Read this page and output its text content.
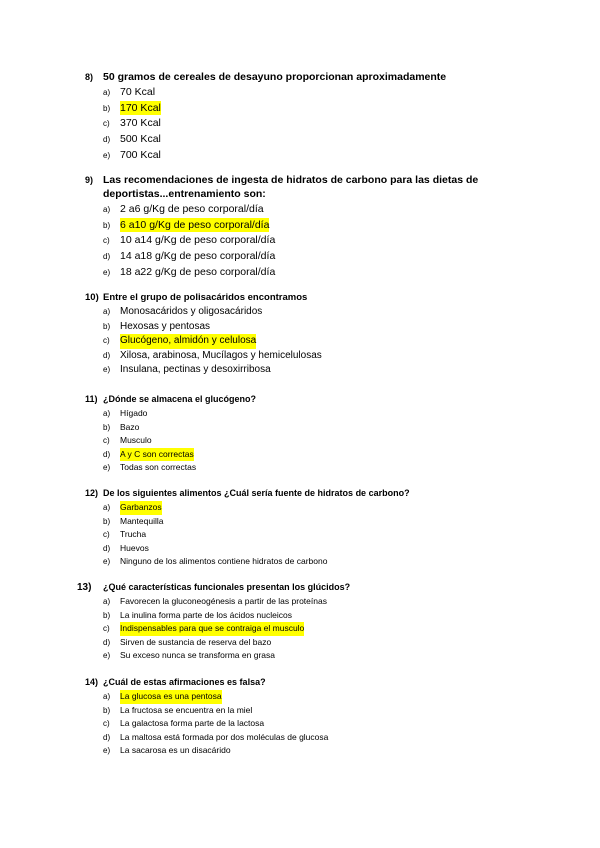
8) 50 gramos de cereales de desayuno proporcionan aproximadamente
a) 70 Kcal
b) 170 Kcal
c) 370 Kcal
d) 500 Kcal
e) 700 Kcal
9) Las recomendaciones de ingesta de hidratos de carbono para las dietas de deportistas...entrenamiento son:
a) 2 a6 g/Kg de peso corporal/día
b) 6 a10 g/Kg de peso corporal/día
c) 10 a14 g/Kg de peso corporal/día
d) 14 a18 g/Kg de peso corporal/día
e) 18 a22 g/Kg de peso corporal/día
10) Entre el grupo de polisacáridos encontramos
a) Monosacáridos y oligosacáridos
b) Hexosas y pentosas
c)	Glucógeno, almidón y celulosa
d) Xilosa, arabinosa, Mucílagos y hemicelulosas
e) Insulana, pectinas y desoxirribosa
11) ¿Dónde se almacena el glucógeno?
a)	Hígado
b)	Bazo
c)	Musculo
d)	A y C son correctas
e)	Todas son correctas
12) De los siguientes alimentos ¿Cuál sería fuente de hidratos de carbono?
a)	Garbanzos
b)	Mantequilla
c)	Trucha
d)	Huevos
e)	Ninguno de los alimentos contiene hidratos de carbono
13)	¿Qué características funcionales presentan los glúcidos?
a)	Favorecen la gluconeogénesis a partir de las proteínas
b)	La inulina forma parte de los ácidos nucleicos
c)	Indispensables para que se contraiga el musculo
d)	Sirven de sustancia de reserva del bazo
e)	Su exceso nunca se transforma en grasa
14) ¿Cuál de estas afirmaciones es falsa?
a)	La glucosa es una pentosa
b)	La fructosa se encuentra en la miel
c)	La galactosa forma parte de la lactosa
d)	La maltosa está formada por dos moléculas de glucosa
e)	La sacarosa es un disacárido
